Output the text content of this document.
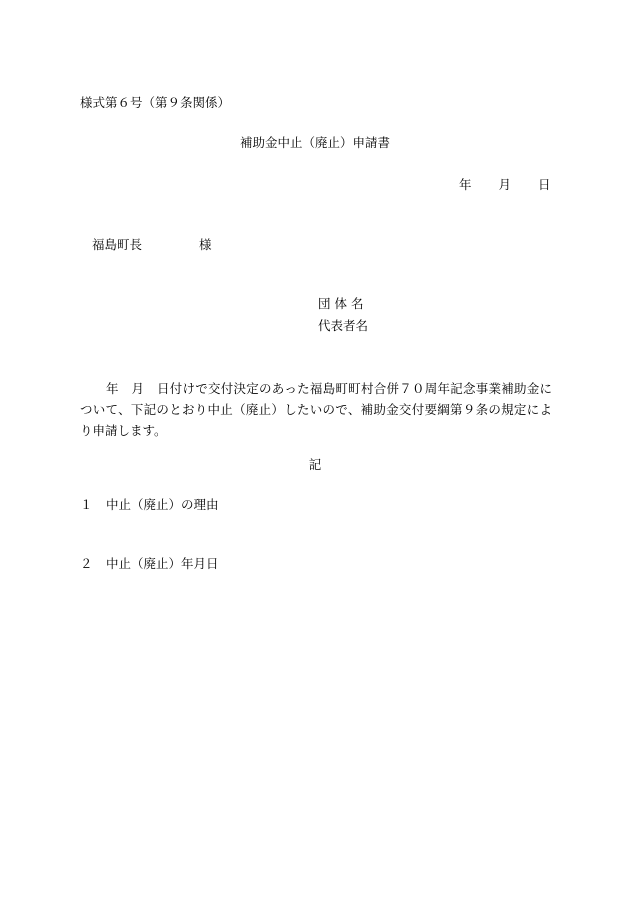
様式第６号（第９条関係）
補助金中止（廃止）申請書
年 月 日
福島町長	様
団体名
代表者名
年　月　日付けで交付決定のあった福島町町村合併７０周年記念事業補助金について、下記のとおり中止（廃止）したいので、補助金交付要綱第９条の規定により申請します。
記
１ 中止（廃止）の理由
２ 中止（廃止）年月日
